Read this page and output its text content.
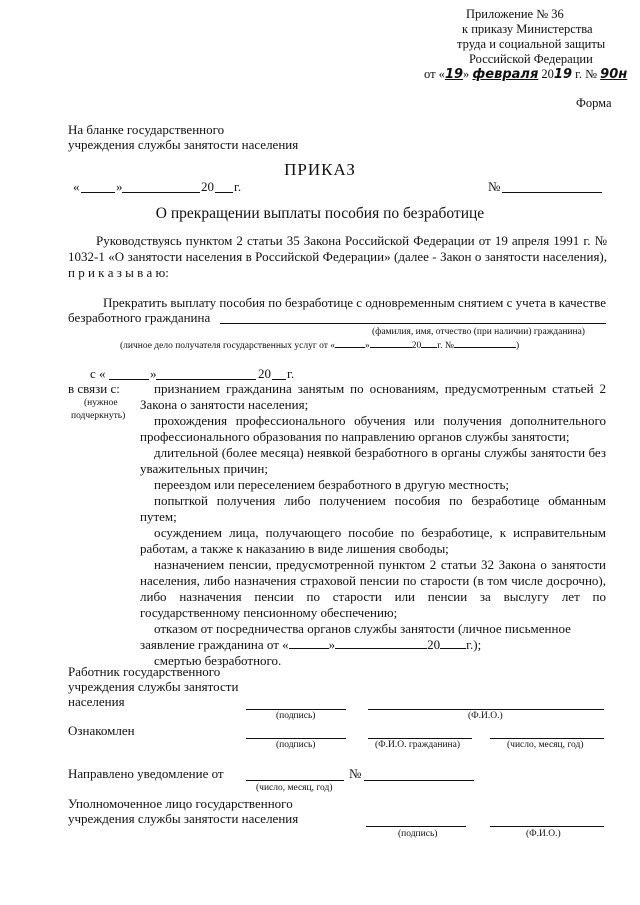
Приложение № 36
к приказу Министерства
труда и социальной защиты
Российской Федерации
от «19» февраля 2019 г. № 90н
Форма
На бланке государственного
учреждения службы занятости населения
ПРИКАЗ
«	»	20 г.	№
О прекращении выплаты пособия по безработице
Руководствуясь пунктом 2 статьи 35 Закона Российской Федерации от 19 апреля 1991 г. № 1032-1 «О занятости населения в Российской Федерации» (далее - Закон о занятости населения), п р и к а з ы в а ю:
Прекратить выплату пособия по безработице с одновременным снятием с учета в качестве
безработного гражданина
(фамилия, имя, отчество (при наличии) гражданина)
(личное дело получателя государственных услуг от «	»	20 г. №	)
с «	»	20 г.
в связи с:
(нужное
подчеркнуть)
признанием гражданина занятым по основаниям, предусмотренным статьей 2 Закона о занятости населения;
прохождения профессионального обучения или получения дополнительного профессионального образования по направлению органов службы занятости;
длительной (более месяца) неявкой безработного в органы службы занятости без уважительных причин;
переездом или переселением безработного в другую местность;
попыткой получения либо получением пособия по безработице обманным путем;
осуждением лица, получающего пособие по безработице, к исправительным работам, а также к наказанию в виде лишения свободы;
назначением пенсии, предусмотренной пунктом 2 статьи 32 Закона о занятости населения, либо назначения страховой пенсии по старости (в том числе досрочно), либо назначения пенсии по старости или пенсии за выслугу лет по государственному пенсионному обеспечению;
отказом от посредничества органов службы занятости (личное письменное
заявление гражданина от «	»	20 г.);
смертью безработного.
Работник государственного
учреждения службы занятости
населения
(подпись)	(Ф.И.О.)
Ознакомлен
(подпись)	(Ф.И.О. гражданина)	(число, месяц, год)
Направлено уведомление от	№
(число, месяц, год)
Уполномоченное лицо государственного
учреждения службы занятости населения
(подпись)	(Ф.И.О.)
